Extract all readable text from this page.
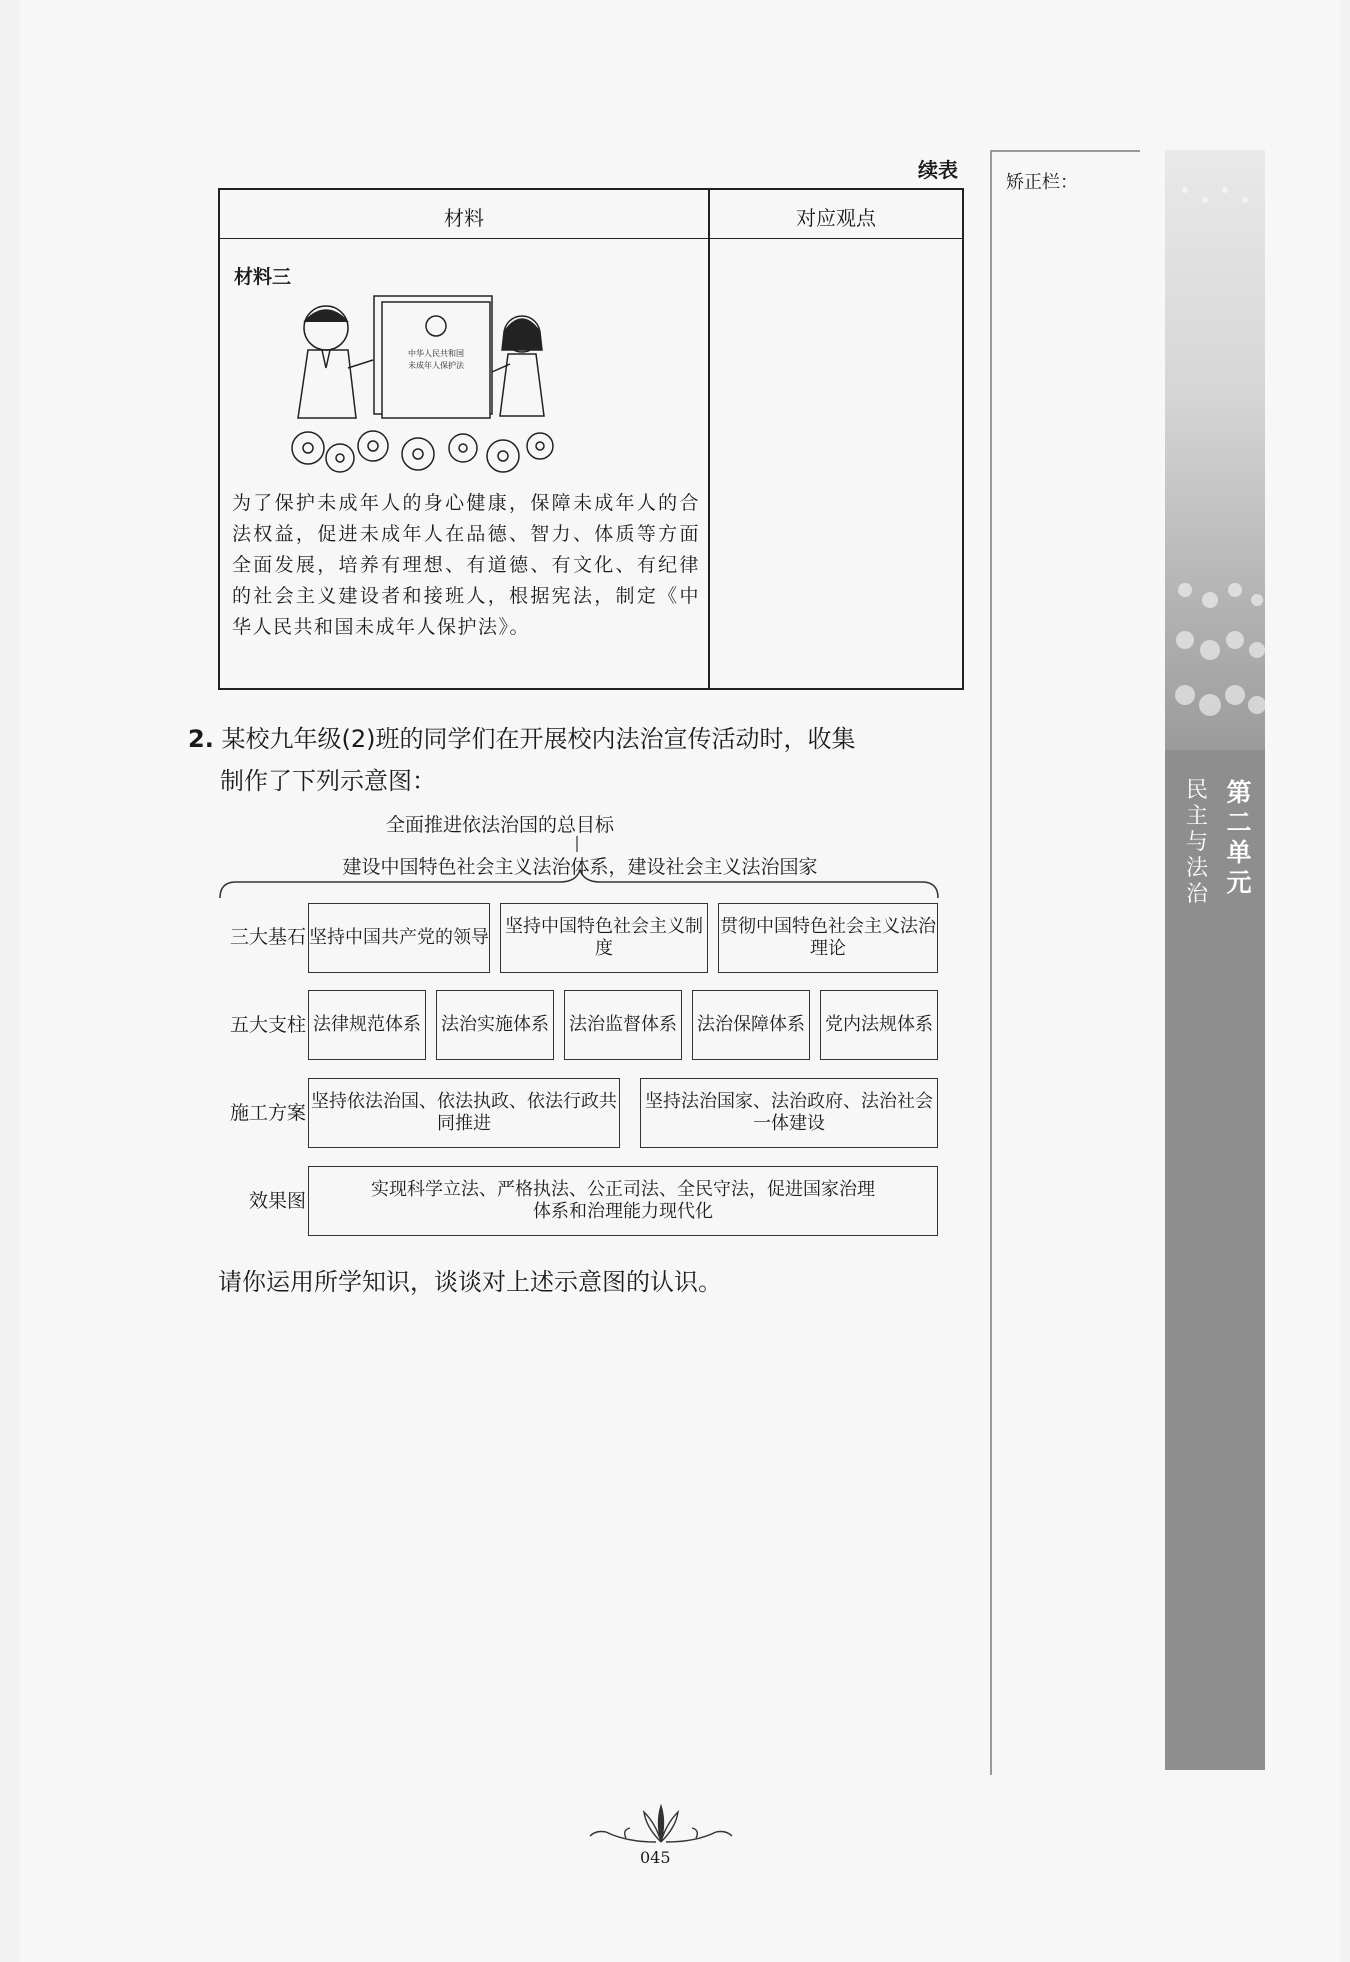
续表
材料	对应观点
材料三
中华人民共和国
未成年人保护法
为了保护未成年人的身心健康，保障未成年人的合法权益，促进未成年人在品德、智力、体质等方面全面发展，培养有理想、有道德、有文化、有纪律的社会主义建设者和接班人，根据宪法，制定《中华人民共和国未成年人保护法》。
2. 某校九年级(2)班的同学们在开展校内法治宣传活动时，收集
制作了下列示意图：
全面推进依法治国的总目标
建设中国特色社会主义法治体系，建设社会主义法治国家
三大基石 坚持中国共产党的领导
坚持中国特色社会主义制度
贯彻中国特色社会主义法治理论
五大支柱 法律规范体系 法治实施体系 法治监督体系 法治保障体系 党内法规体系
施工方案
坚持依法治国、依法执政、依法行政共同推进
坚持法治国家、法治政府、法治社会一体建设
效果图
实现科学立法、严格执法、公正司法、全民守法，促进国家治理体系和治理能力现代化
请你运用所学知识，谈谈对上述示意图的认识。
矫正栏：
第二单元
民主与法治
045
